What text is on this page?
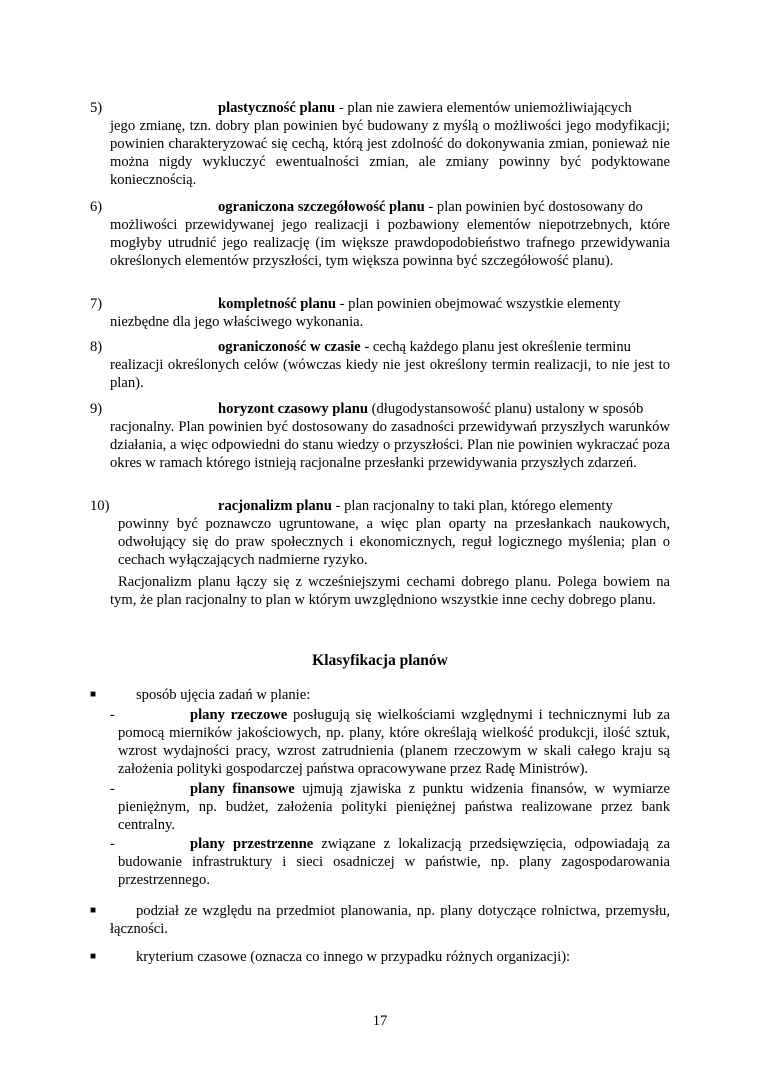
5)	plastyczność planu - plan nie zawiera elementów uniemożliwiających
jego zmianę, tzn. dobry plan powinien być budowany z myślą o możliwości jego modyfikacji; powinien charakteryzować się cechą, którą jest zdolność do dokonywania zmian, ponieważ nie można nigdy wykluczyć ewentualności zmian, ale zmiany powinny być podyktowane koniecznością.
6)	ograniczona szczegółowość planu - plan powinien być dostosowany do
możliwości przewidywanej jego realizacji i pozbawiony elementów niepotrzebnych, które mogłyby utrudnić jego realizację (im większe prawdopodobieństwo trafnego przewidywania określonych elementów przyszłości, tym większa powinna być szczegółowość planu).
7)	kompletność planu - plan powinien obejmować wszystkie elementy
niezbędne dla jego właściwego wykonania.
8)	ograniczoność w czasie - cechą każdego planu jest określenie terminu
realizacji określonych celów (wówczas kiedy nie jest określony termin realizacji, to nie jest to plan).
9)	horyzont czasowy planu (długodystansowość planu) ustalony w sposób
racjonalny. Plan powinien być dostosowany do zasadności przewidywań przyszłych warunków działania, a więc odpowiedni do stanu wiedzy o przyszłości. Plan nie powinien wykraczać poza okres w ramach którego istnieją racjonalne przesłanki przewidywania przyszłych zdarzeń.
10)	racjonalizm planu - plan racjonalny to taki plan, którego elementy
powinny być poznawczo ugruntowane, a więc plan oparty na przesłankach naukowych, odwołujący się do praw społecznych i ekonomicznych, reguł logicznego myślenia; plan o cechach wyłączających nadmierne ryzyko.
Racjonalizm planu łączy się z wcześniejszymi cechami dobrego planu. Polega bowiem na tym, że plan racjonalny to plan w którym uwzględniono wszystkie inne cechy dobrego planu.
Klasyfikacja planów
■	sposób ujęcia zadań w planie:
-	plany rzeczowe posługują się wielkościami względnymi i technicznymi lub za pomocą mierników jakościowych, np. plany, które określają wielkość produkcji, ilość sztuk, wzrost wydajności pracy, wzrost zatrudnienia (planem rzeczowym w skali całego kraju są założenia polityki gospodarczej państwa opracowywane przez Radę Ministrów).
-	plany finansowe ujmują zjawiska z punktu widzenia finansów, w wymiarze pieniężnym, np. budżet, założenia polityki pieniężnej państwa realizowane przez bank centralny.
-	plany przestrzenne związane z lokalizacją przedsięwzięcia, odpowiadają za budowanie infrastruktury i sieci osadniczej w państwie, np. plany zagospodarowania przestrzennego.
■	podział ze względu na przedmiot planowania, np. plany dotyczące rolnictwa, przemysłu, łączności.
■	kryterium czasowe (oznacza co innego w przypadku różnych organizacji):
17
